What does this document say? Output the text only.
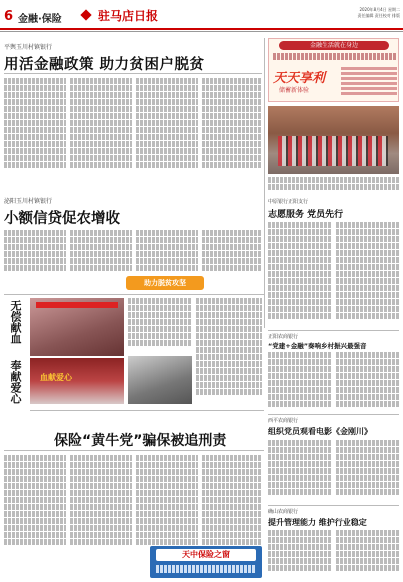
6 金融·保险	驻马店日报	2020年8月4日 星期二
责任编辑 责任校对 排版
平舆玉川村镇银行
用活金融政策 助力贫困户脱贫
金融生活就在身边
天天享利
储蓄新体验
泌阳玉川村镇银行
小额信贷促农增收
助力脱贫攻坚
中原银行正阳支行
志愿服务 党员先行
无偿献血
奉献爱心 血献爱心
正阳农商银行
“党建+金融”奏响乡村振兴最强音
西平农商银行
组织党员观看电影《金刚川》
保险“黄牛党”骗保被追刑责
天中保险之窗
确山农商银行
提升管理能力 维护行业稳定
